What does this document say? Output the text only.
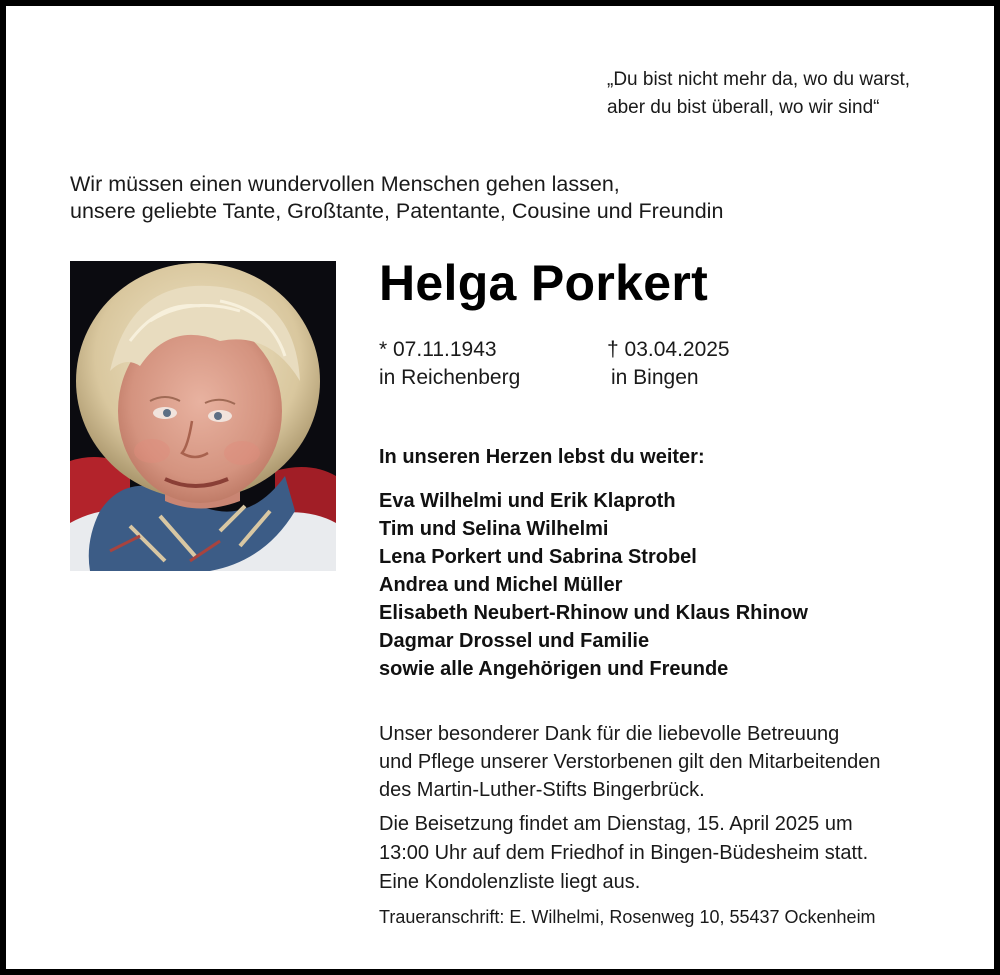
„Du bist nicht mehr da, wo du warst,
aber du bist überall, wo wir sind“
Wir müssen einen wundervollen Menschen gehen lassen,
unsere geliebte Tante, Großtante, Patentante, Cousine und Freundin
Helga Porkert
* 07.11.1943	† 03.04.2025
in Reichenberg	in Bingen
In unseren Herzen lebst du weiter:
Eva Wilhelmi und Erik Klaproth
Tim und Selina Wilhelmi
Lena Porkert und Sabrina Strobel
Andrea und Michel Müller
Elisabeth Neubert-Rhinow und Klaus Rhinow
Dagmar Drossel und Familie
sowie alle Angehörigen und Freunde
Unser besonderer Dank für die liebevolle Betreuung
und Pflege unserer Verstorbenen gilt den Mitarbeitenden
des Martin-Luther-Stifts Bingerbrück.
Die Beisetzung findet am Dienstag, 15. April 2025 um
13:00 Uhr auf dem Friedhof in Bingen-Büdesheim statt.
Eine Kondolenzliste liegt aus.
Traueranschrift: E. Wilhelmi, Rosenweg 10, 55437 Ockenheim
